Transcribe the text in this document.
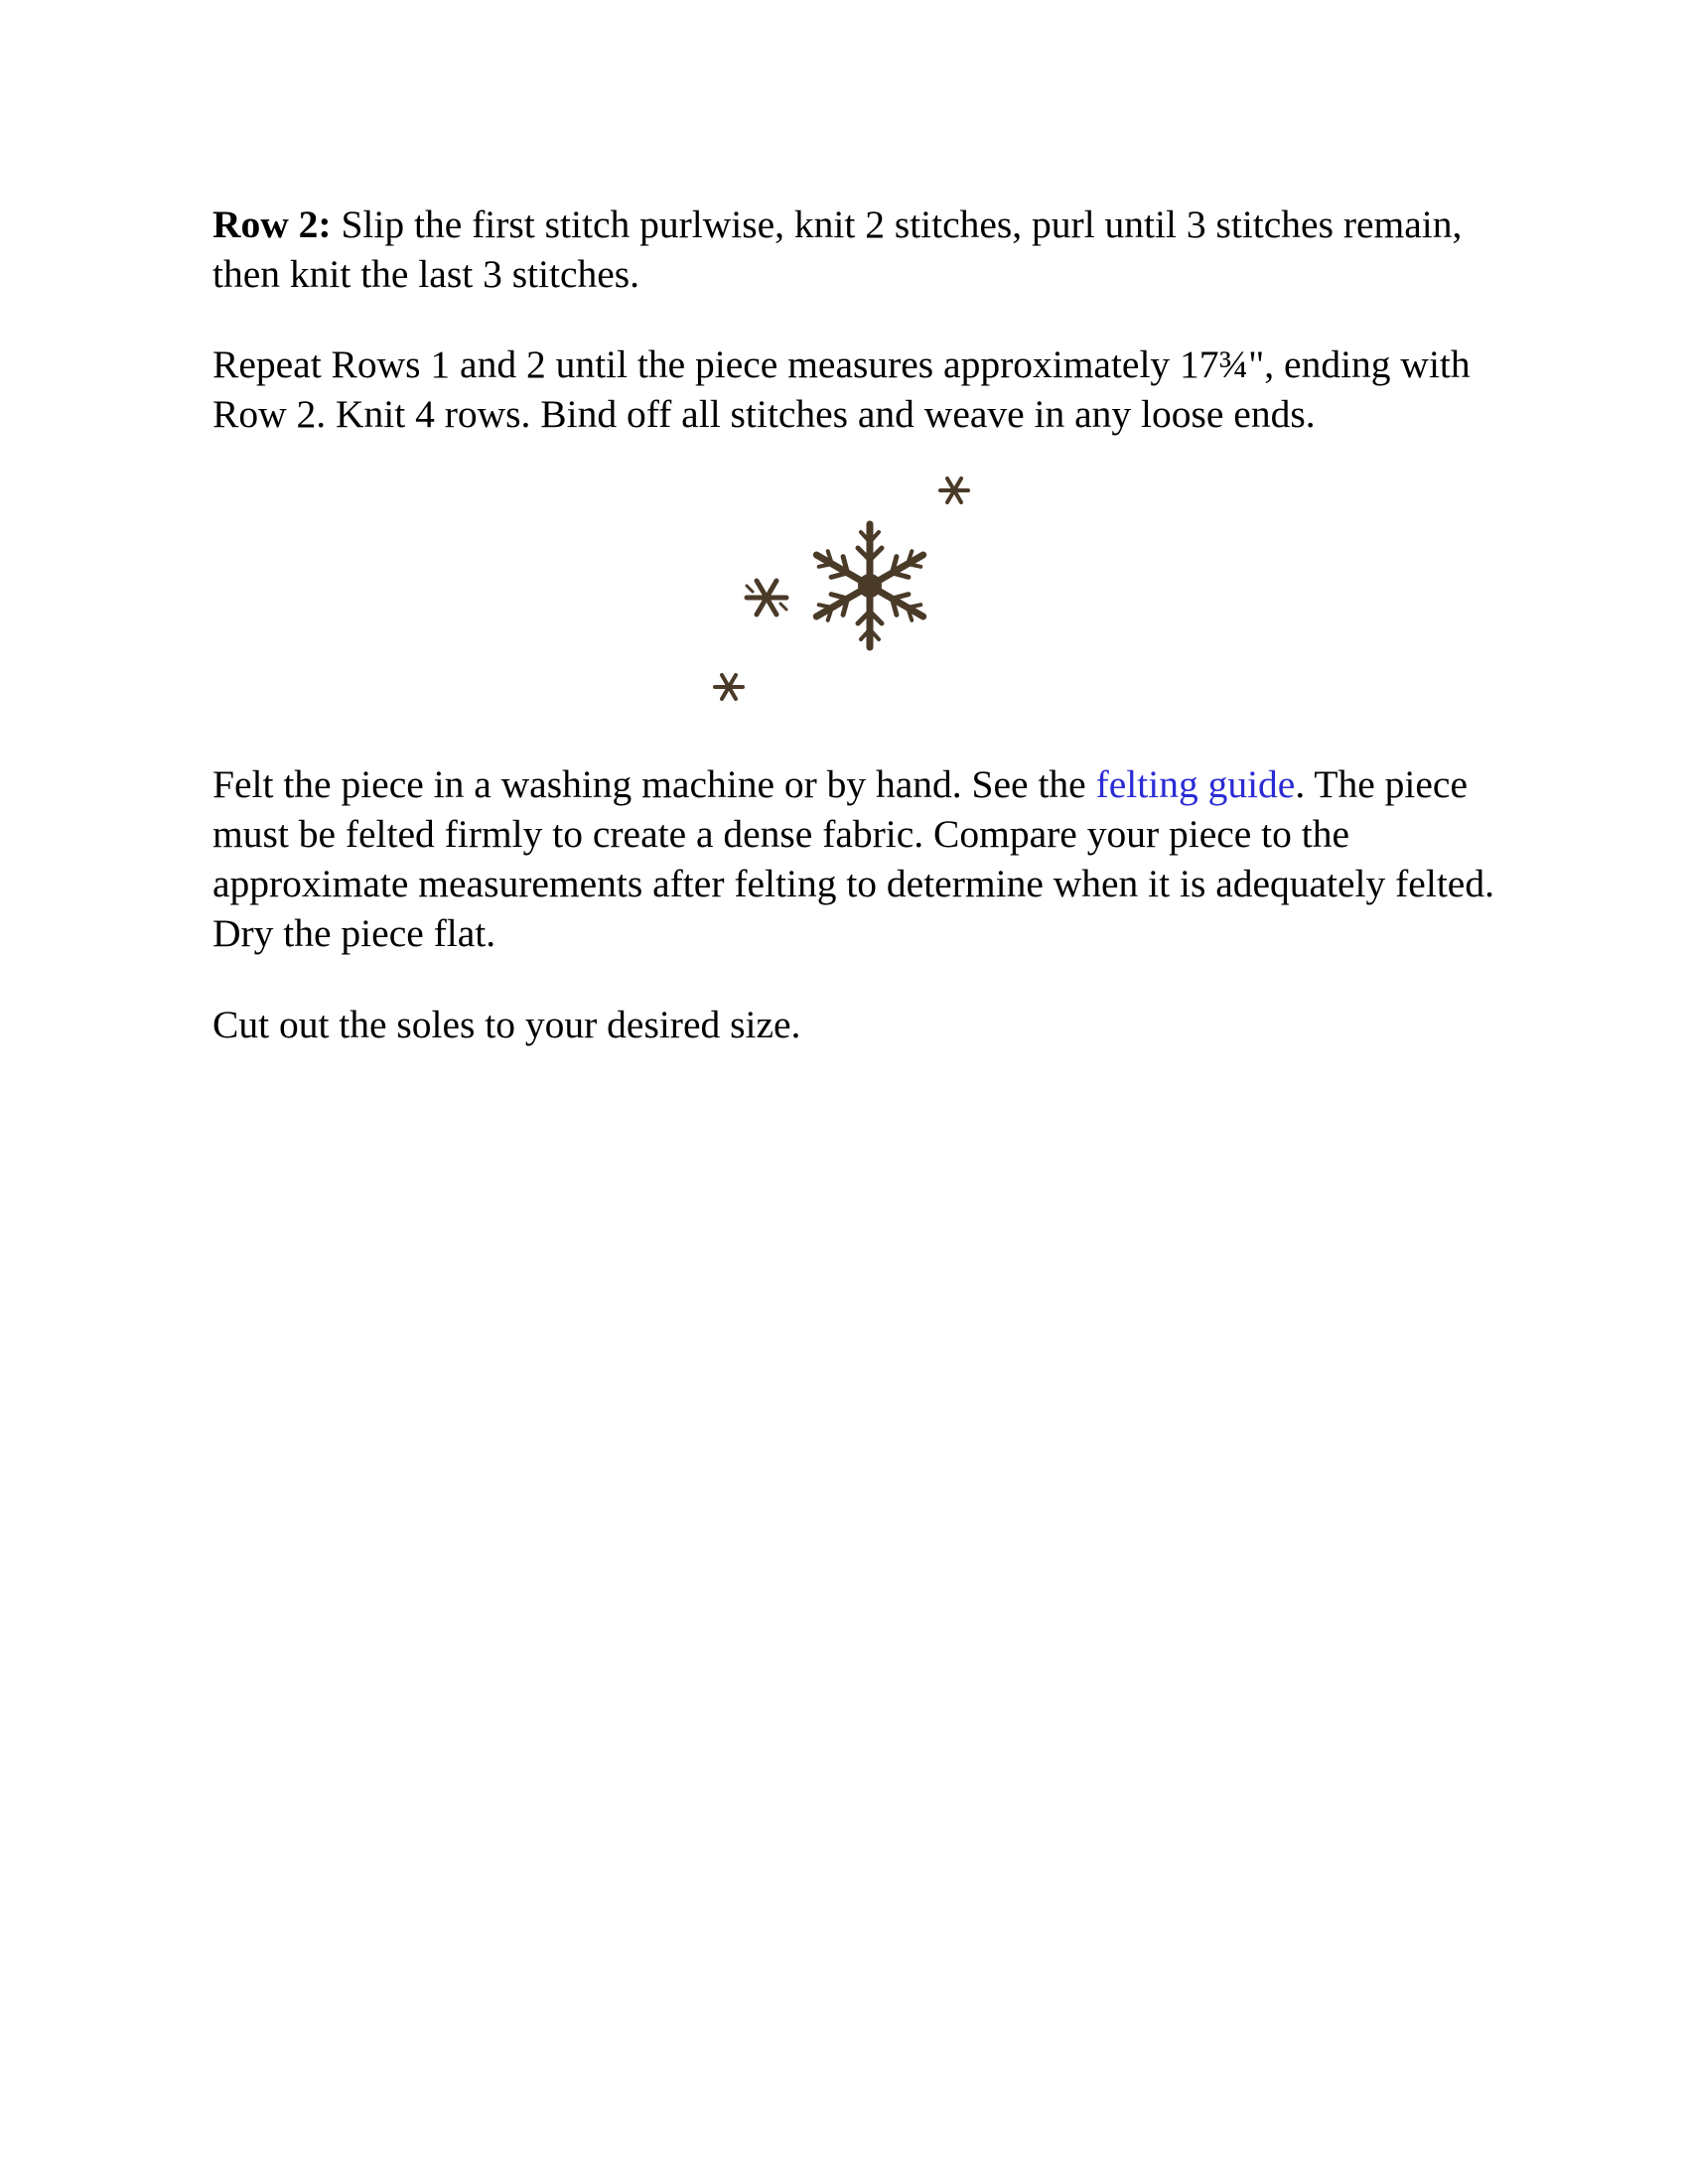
Row 2: Slip the first stitch purlwise, knit 2 stitches, purl until 3 stitches remain, then knit the last 3 stitches.

Repeat Rows 1 and 2 until the piece measures approximately 17¾", ending with Row 2. Knit 4 rows. Bind off all stitches and weave in any loose ends.

Felt the piece in a washing machine or by hand. See the felting guide. The piece must be felted firmly to create a dense fabric. Compare your piece to the approximate measurements after felting to determine when it is adequately felted. Dry the piece flat.

Cut out the soles to your desired size.
